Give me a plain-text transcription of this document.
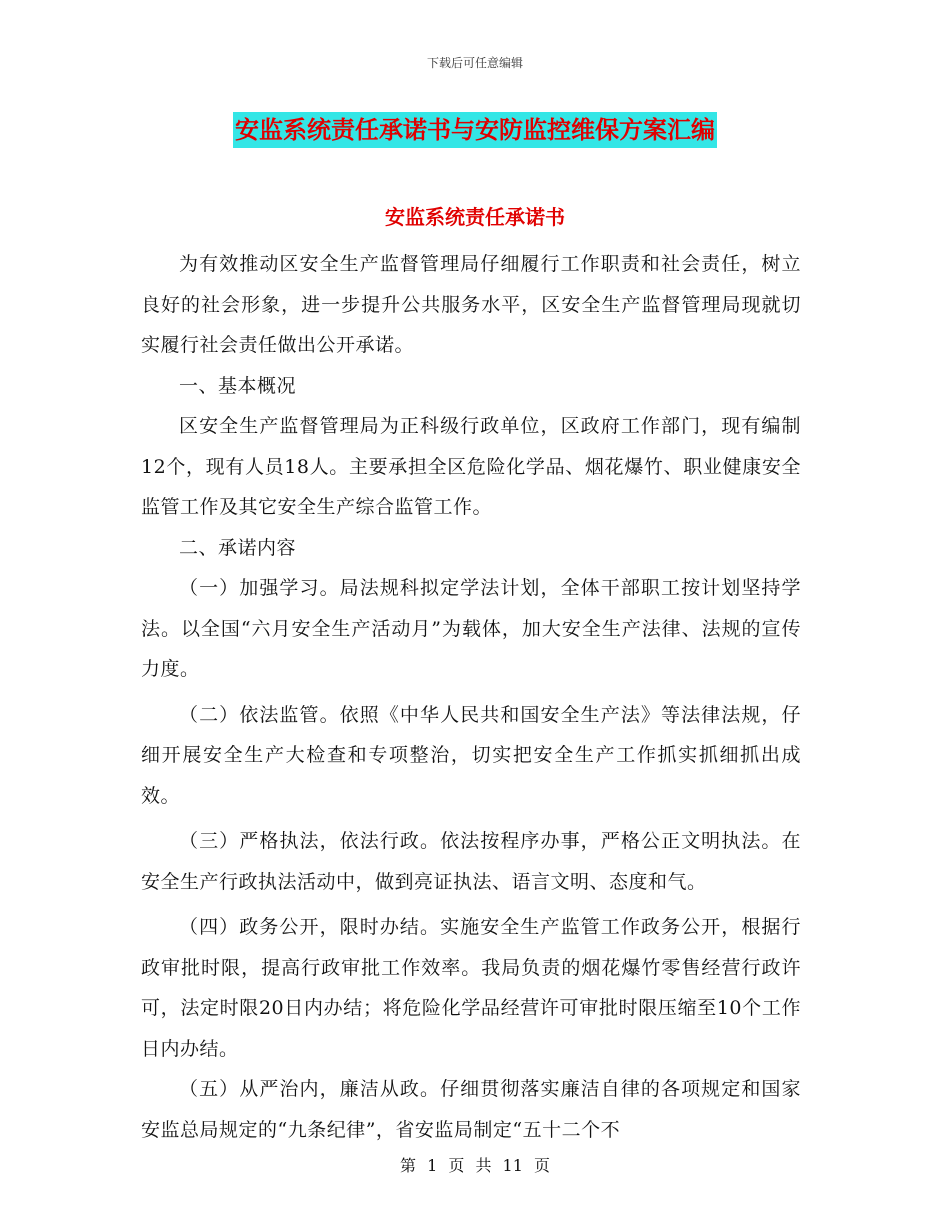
下载后可任意编辑
安监系统责任承诺书与安防监控维保方案汇编
安监系统责任承诺书

为有效推动区安全生产监督管理局仔细履行工作职责和社会责任，树立良好的社会形象，进一步提升公共服务水平，区安全生产监督管理局现就切实履行社会责任做出公开承诺。

一、基本概况

区安全生产监督管理局为正科级行政单位，区政府工作部门，现有编制12个，现有人员18人。主要承担全区危险化学品、烟花爆竹、职业健康安全监管工作及其它安全生产综合监管工作。

二、承诺内容

（一）加强学习。局法规科拟定学法计划，全体干部职工按计划坚持学法。以全国“六月安全生产活动月”为载体，加大安全生产法律、法规的宣传力度。

（二）依法监管。依照《中华人民共和国安全生产法》等法律法规，仔细开展安全生产大检查和专项整治，切实把安全生产工作抓实抓细抓出成效。

（三）严格执法，依法行政。依法按程序办事，严格公正文明执法。在安全生产行政执法活动中，做到亮证执法、语言文明、态度和气。

（四）政务公开，限时办结。实施安全生产监管工作政务公开，根据行政审批时限，提高行政审批工作效率。我局负责的烟花爆竹零售经营行政许可，法定时限20日内办结；将危险化学品经营许可审批时限压缩至10个工作日内办结。

（五）从严治内，廉洁从政。仔细贯彻落实廉洁自律的各项规定和国家安监总局规定的“九条纪律”，省安监局制定“五十二个不

第 1 页 共 11 页
